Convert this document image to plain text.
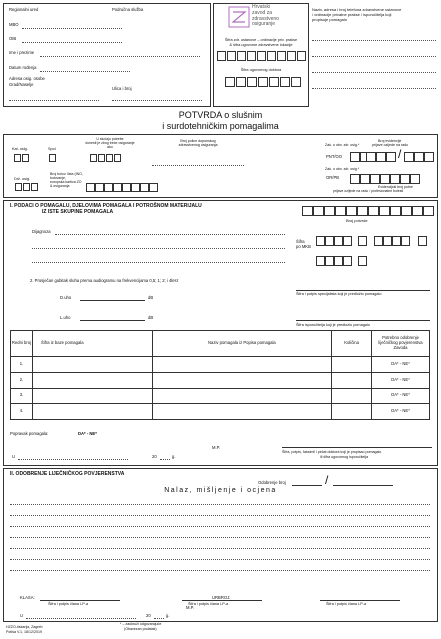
Regionalni ured	Područna služba
MBO
OIB
Ime i prezime
Datum rođenja
Adresa osig. osobe
Grad/Naselje
Ulica i broj
Hrvatski
zavod za
zdravstveno
osiguranje
Šifra zdr. ustanove – ordinacije priv. prakse
& šifra ugovorne zdravstvene lokacije
Šifra ugovornog doktora
Naziv, adresa i broj telefona zdravstvene ustanove
/ ordinacije privatne prakse / isporučitelja koji
propisuje pomagalo
POTVRDA o slušnim
i surdotehničkim pomagalima
Kat. osig.	Spol
U slučaju potrebe
dovesti je zbog treće osiguranje
ako
Broj police dopunskog
zdravstvenog osiguranja	Zak. o obv. zdr. osig.*
Broj evidencije
prijave ozljede na radu
PNT/OO	/
Zak. o obv. zdr. osig.*
OR/PB
Drž. osig.
Broj bolov. lista (INO,
bolovanje,
europska kartica ZO
& osiguranja	Evidencijski broj putne
prijave ozljede na radu / profesionalne bolesti
I. PODACI O POMAGALU, DJELOVIMA POMAGALA I POTROŠNOM MATERIJALU
IZ ISTE SKUPINE POMAGALA
Broj potvrde
Dijagnoza
Šifra
po MKB
2. Prosječan gubitak sluha prema audiogramu na frekvencijama 0,5; 1; 2; i 4kHz
Šifra i potpis specijalista koji je predložio pomagalo
D.uho	dB
L.uho	dB
Šifra isporučitelja koji je predložio pomagalo
Redni broj	Šifra iz baze pomagala	Naziv pomagala iz Popisa pomagala	Količina	Potrebno odobrenje liječničkog povjerenstva Zavoda
1.				DA* - NE*
2.				DA* - NE*
3.				DA* - NE*
4.				DA* - NE*
Popravak pomagala:	DA* - NE*
M.P.
U	20	g.
Šifra, potpis, faksimil i pečat doktora koji je propisao pomagalo
ili šifra ugovornog isporučitelja
II. ODOBRENJE LIJEČNIČKOG POVJERENSTVA
Odobrenje broj	/
Nalaz, mišljenje i ocjena
Šifra i potpis člana LP-a	Šifra i potpis člana LP-a	Šifra i potpis člana LP-a
KLASA:	URBROJ:
M.P.
U	20	g.
HZZO-tiskarija, Zagreb
Potiša V.1, 18/12/2019
* – zaokruži odgovarajuće
(Obavezan podatak)
